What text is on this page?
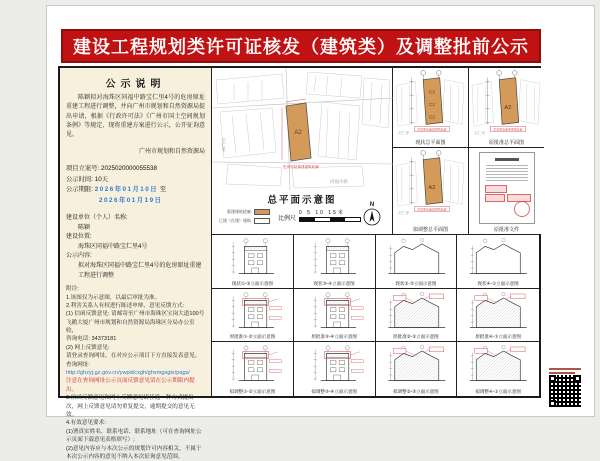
建设工程规划类许可证核发（建筑类）及调整批前公示
公示说明

陈颖拟对海珠区同福中路宝仁里4号的危房原址重建工程进行调整，并向广州市规划和自然资源局提出申请，根据《行政许可法》《广州市国土空间规划条例》等规定，现将重建方案进行公示，公开征询意见。

广州市规划和自然资源局
项目立案号: 2025020000055538
公示时间: 10天
公示期限: 2026年01月10日 至
2026年01月19日
建设单位（个人）名称:
陈颖
建设位置:
海珠区同福中路宝仁里4号
公示内容:
拟对海珠区同福中路宝仁里4号的危房原址重建工程进行调整
附注:
1.该图仅为示意图，以最后审批为准。
2.利害关系人有权进行陈述申辩、意见反馈方式:
(1) 信函反馈意见: 请邮寄至广州市海珠区宝岗大道100号飞鹅大厦广州市规划和自然资源局海珠区分局办公室收，
咨询电话: 34373181
(2) 网上反馈意见:
请登录查询网址，在对应公示项目下方直接发表意见。
查询网址:
http://ghzyj.gz.gov.cn/ywpd/cxgh/ghxmgsgtx/pqgs/
注意在查询网址公示页面反馈意见请在公示期限内提出。
3.信函反馈意见和网上反馈意见请任选一种方式提出一次，网上反馈意见请勿重复提交，逾期提交的意见无效。
4.有效意见要求:
(1)署真实姓名、联系电话、联系地址（可在查询网址公示页面下载意见表格填写）;
(2)意见内容应与本次公示的规划许可内容相关，不属于本次公示内容的意见不纳入本次征询意见范围。
A2
危房原址重建建筑轮廓
宝仁里
同福中路
总平面示意图
重建建筑轮廓:
已建（在建）建筑:	比例尺
0 5 10 15米
N
C2
C2
C2
危房原址重建建筑轮廓
宝仁里
现状总平面图
A2
危房原址重建建筑轮廓
宝仁里
原批准总平面图
A2
危房原址重建建筑轮廓
宝仁里
拟调整总平面图	原批准文件
现状①-②立面示意图	现状③-④立面示意图	现状②-③立面示意图	现状④-①立面示意图
原批准①-②立面示意图	原批准③-④立面示意图	原批准②-③立面示意图	原批准④-①立面示意图
拟调整①-②立面示意图	拟调整③-④立面示意图	拟调整②-③立面示意图	拟调整④-①立面示意图
